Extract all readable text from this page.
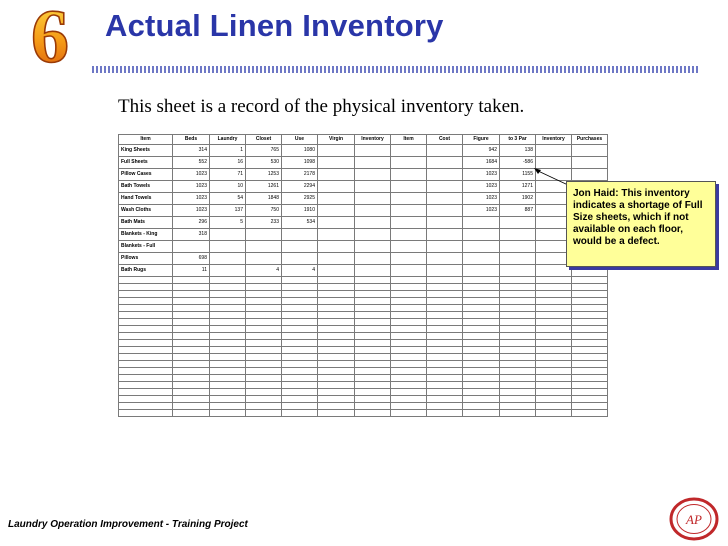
6 Actual Linen Inventory
This sheet is a record of the physical inventory taken.
Item	Beds	Laundry	Closet	Use	Virgin	Inventory	Item	Cost	Figure	to 3 Par	Inventory	Purchases
King Sheets	314	1	765	1080					942	138		
Full Sheets	552	16	530	1098					1684	-586		
Pillow Cases	1023	71	1253	2178					1023	1155		
Bath Towels	1023	10	1261	2294					1023	1271		
Hand Towels	1023	54	1848	2925					1023	1902		
Wash Cloths	1023	137	750	1910					1023	887		
Bath Mats	296	5	233	534								
Blankets - King	318											
Blankets - Full												
Pillows	698											
Bath Rugs	11		4	4								

Jon Haid: This inventory indicates a shortage of Full Size sheets, which if not available on each floor, would be a defect.
Laundry Operation Improvement - Training Project	AP
